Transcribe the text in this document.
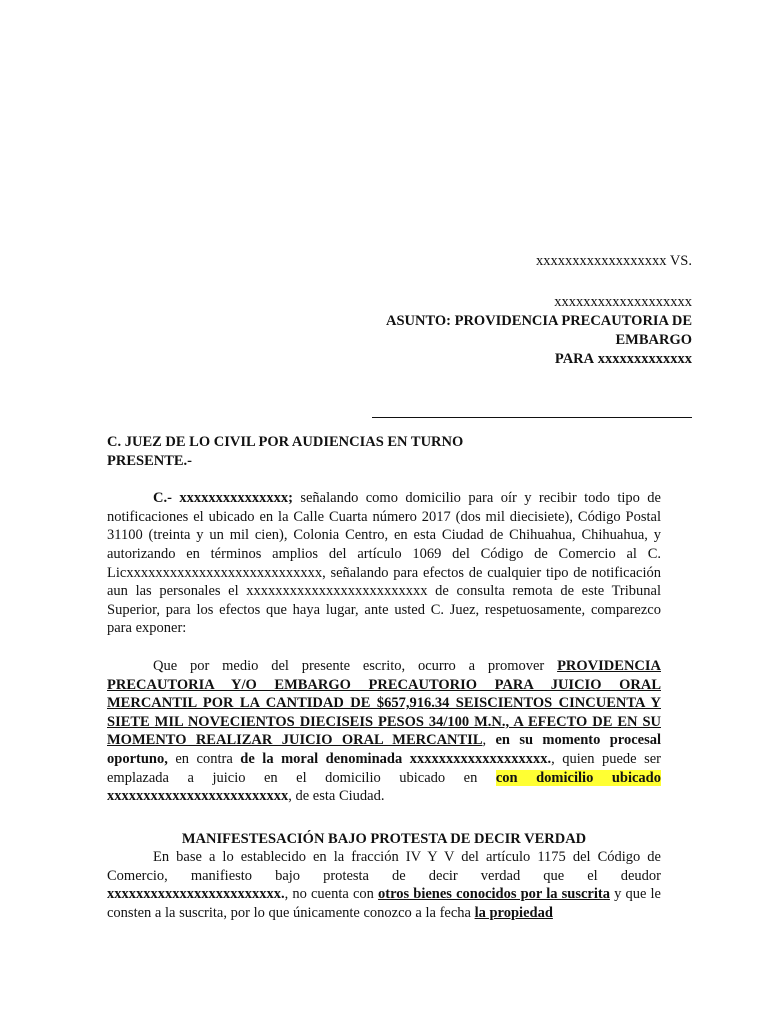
xxxxxxxxxxxxxxxxxx VS.
xxxxxxxxxxxxxxxxxxx
ASUNTO: PROVIDENCIA PRECAUTORIA DE
EMBARGO
PARA xxxxxxxxxxxxx
C. JUEZ DE LO CIVIL POR AUDIENCIAS EN TURNO
PRESENTE.-

C.- xxxxxxxxxxxxxxx; señalando como domicilio para oír y recibir todo tipo de notificaciones el ubicado en la Calle Cuarta número 2017 (dos mil diecisiete), Código Postal 31100 (treinta y un mil cien), Colonia Centro, en esta Ciudad de Chihuahua, Chihuahua, y autorizando en términos amplios del artículo 1069 del Código de Comercio al C. Licxxxxxxxxxxxxxxxxxxxxxxxxxxx, señalando para efectos de cualquier tipo de notificación aun las personales el xxxxxxxxxxxxxxxxxxxxxxxxx de consulta remota de este Tribunal Superior, para los efectos que haya lugar, ante usted C. Juez, respetuosamente, comparezco para exponer:

Que por medio del presente escrito, ocurro a promover PROVIDENCIA PRECAUTORIA Y/O EMBARGO PRECAUTORIO PARA JUICIO ORAL MERCANTIL POR LA CANTIDAD DE $657,916.34 SEISCIENTOS CINCUENTA Y SIETE MIL NOVECIENTOS DIECISEIS PESOS 34/100 M.N., A EFECTO DE EN SU MOMENTO REALIZAR JUICIO ORAL MERCANTIL, en su momento procesal oportuno, en contra de la moral denominada xxxxxxxxxxxxxxxxxxx., quien puede ser emplazada a juicio en el domicilio ubicado en con domicilio ubicado xxxxxxxxxxxxxxxxxxxxxxxxx, de esta Ciudad.

MANIFESTESACIÓN BAJO PROTESTA DE DECIR VERDAD

En base a lo establecido en la fracción IV Y V del artículo 1175 del Código de Comercio, manifiesto bajo protesta de decir verdad que el deudor xxxxxxxxxxxxxxxxxxxxxxxx., no cuenta con otros bienes conocidos por la suscrita y que le consten a la suscrita, por lo que únicamente conozco a la fecha la propiedad
